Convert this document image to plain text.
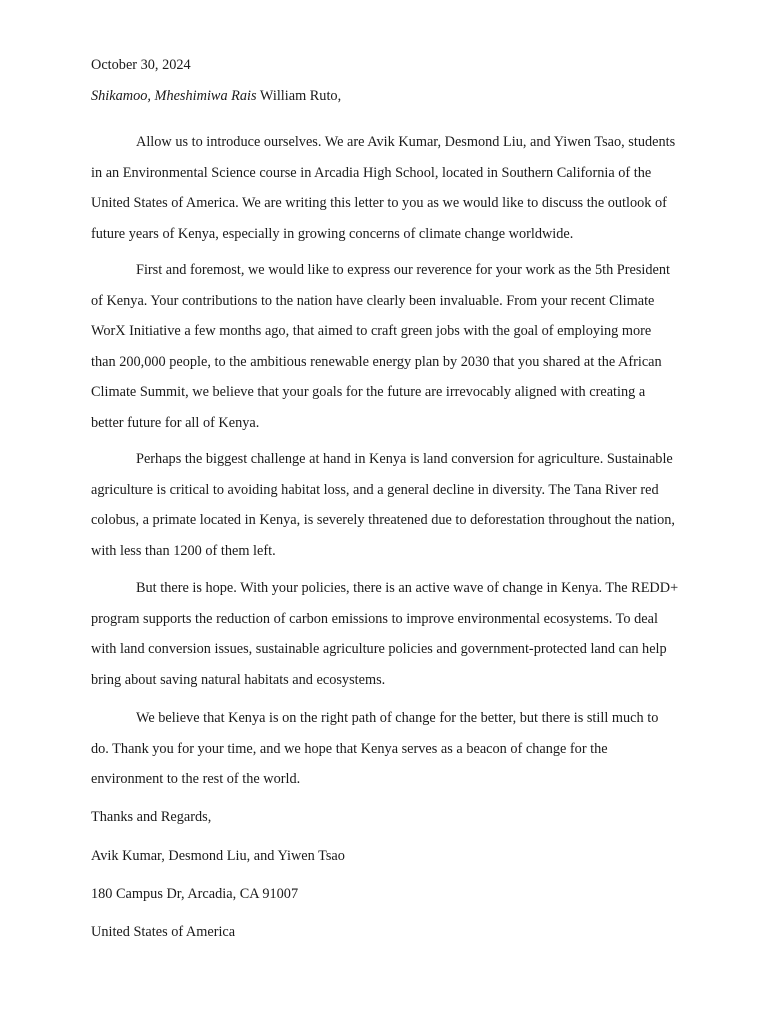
October 30, 2024

Shikamoo, Mheshimiwa Rais William Ruto,

Allow us to introduce ourselves. We are Avik Kumar, Desmond Liu, and Yiwen Tsao, students in an Environmental Science course in Arcadia High School, located in Southern California of the United States of America. We are writing this letter to you as we would like to discuss the outlook of future years of Kenya, especially in growing concerns of climate change worldwide.

First and foremost, we would like to express our reverence for your work as the 5th President of Kenya. Your contributions to the nation have clearly been invaluable. From your recent Climate WorX Initiative a few months ago, that aimed to craft green jobs with the goal of employing more than 200,000 people, to the ambitious renewable energy plan by 2030 that you shared at the African Climate Summit, we believe that your goals for the future are irrevocably aligned with creating a better future for all of Kenya.

Perhaps the biggest challenge at hand in Kenya is land conversion for agriculture. Sustainable agriculture is critical to avoiding habitat loss, and a general decline in diversity. The Tana River red colobus, a primate located in Kenya, is severely threatened due to deforestation throughout the nation, with less than 1200 of them left.

But there is hope. With your policies, there is an active wave of change in Kenya. The REDD+ program supports the reduction of carbon emissions to improve environmental ecosystems. To deal with land conversion issues, sustainable agriculture policies and government-protected land can help bring about saving natural habitats and ecosystems.

We believe that Kenya is on the right path of change for the better, but there is still much to do. Thank you for your time, and we hope that Kenya serves as a beacon of change for the environment to the rest of the world.

Thanks and Regards,

Avik Kumar, Desmond Liu, and Yiwen Tsao

180 Campus Dr, Arcadia, CA 91007

United States of America
